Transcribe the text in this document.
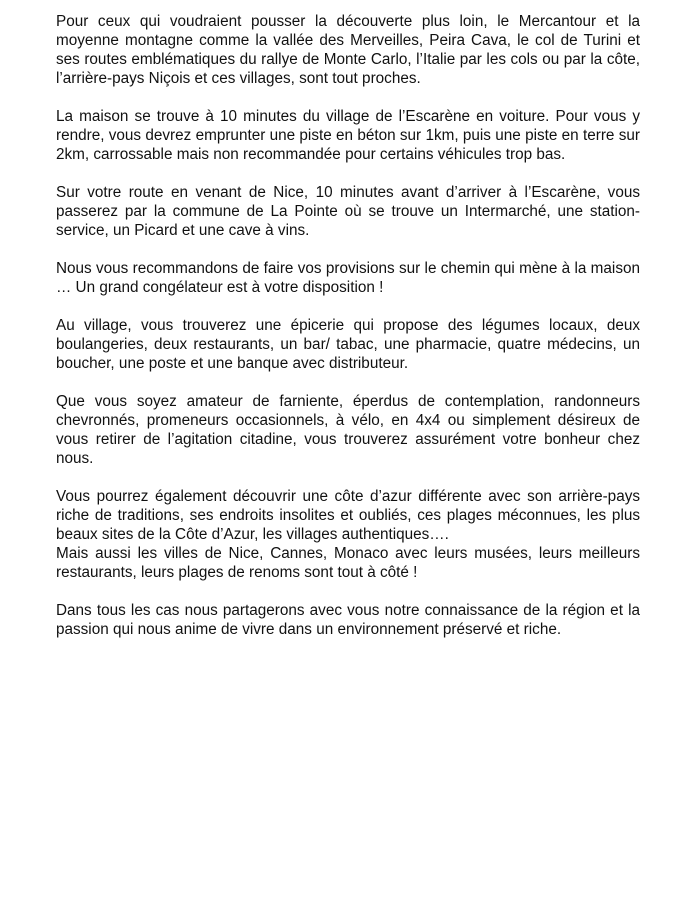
Pour ceux qui voudraient pousser la découverte plus loin, le Mercantour et la moyenne montagne comme la vallée des Merveilles, Peira Cava, le col de Turini et ses routes emblématiques du rallye de Monte Carlo, l’Italie par les cols ou par la côte, l’arrière-pays Niçois et ces villages, sont tout proches.

La maison se trouve à 10 minutes du village de l’Escarène en voiture. Pour vous y rendre, vous devrez emprunter une piste en béton sur 1km, puis une piste en terre sur 2km, carrossable mais non recommandée pour certains véhicules trop bas.

Sur votre route en venant de Nice, 10 minutes avant d’arriver à l’Escarène, vous passerez par la commune de La Pointe où se trouve un Intermarché, une station-service, un Picard et une cave à vins.

Nous vous recommandons de faire vos provisions sur le chemin qui mène à la maison … Un grand congélateur est à votre disposition !

Au village, vous trouverez une épicerie qui propose des légumes locaux, deux boulangeries, deux restaurants, un bar/ tabac, une pharmacie, quatre médecins, un boucher, une poste et une banque avec distributeur.

Que vous soyez amateur de farniente, éperdus de contemplation, randonneurs chevronnés, promeneurs occasionnels, à vélo, en 4x4 ou simplement désireux de vous retirer de l’agitation citadine, vous trouverez assurément votre bonheur chez nous.

Vous pourrez également découvrir une côte d’azur différente avec son arrière-pays riche de traditions, ses endroits insolites et oubliés, ces plages méconnues, les plus beaux sites de la Côte d’Azur, les villages authentiques….

Mais aussi les villes de Nice, Cannes, Monaco avec leurs musées, leurs meilleurs restaurants, leurs plages de renoms sont tout à côté !

Dans tous les cas nous partagerons avec vous notre connaissance de la région et la passion qui nous anime de vivre dans un environnement préservé et riche.
